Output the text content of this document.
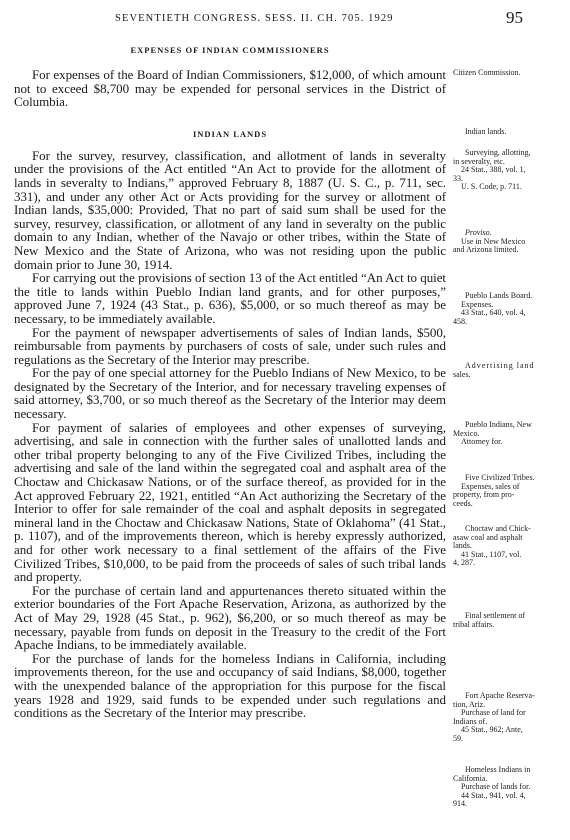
SEVENTIETH CONGRESS. SESS. II. CH. 705. 1929	95
EXPENSES OF INDIAN COMMISSIONERS

For expenses of the Board of Indian Commissioners, $12,000, of which amount not to exceed $8,700 may be expended for personal services in the District of Columbia.

INDIAN LANDS

For the survey, resurvey, classification, and allotment of lands in severalty under the provisions of the Act entitled “An Act to provide for the allotment of lands in severalty to Indians,” approved February 8, 1887 (U. S. C., p. 711, sec. 331), and under any other Act or Acts providing for the survey or allotment of Indian lands, $35,000: Provided, That no part of said sum shall be used for the survey, resurvey, classification, or allotment of any land in severalty on the public domain to any Indian, whether of the Navajo or other tribes, within the State of New Mexico and the State of Arizona, who was not residing upon the public domain prior to June 30, 1914.

For carrying out the provisions of section 13 of the Act entitled “An Act to quiet the title to lands within Pueblo Indian land grants, and for other purposes,” approved June 7, 1924 (43 Stat., p. 636), $5,000, or so much thereof as may be necessary, to be immediately available.

For the payment of newspaper advertisements of sales of Indian lands, $500, reimbursable from payments by purchasers of costs of sale, under such rules and regulations as the Secretary of the Interior may prescribe.

For the pay of one special attorney for the Pueblo Indians of New Mexico, to be designated by the Secretary of the Interior, and for necessary traveling expenses of said attorney, $3,700, or so much thereof as the Secretary of the Interior may deem necessary.

For payment of salaries of employees and other expenses of surveying, advertising, and sale in connection with the further sales of unallotted lands and other tribal property belonging to any of the Five Civilized Tribes, including the advertising and sale of the land within the segregated coal and asphalt area of the Choctaw and Chickasaw Nations, or of the surface thereof, as provided for in the Act approved February 22, 1921, entitled “An Act authorizing the Secretary of the Interior to offer for sale remainder of the coal and asphalt deposits in segregated mineral land in the Choctaw and Chickasaw Nations, State of Oklahoma” (41 Stat., p. 1107), and of the improvements thereon, which is hereby expressly authorized, and for other work necessary to a final settlement of the affairs of the Five Civilized Tribes, $10,000, to be paid from the proceeds of sales of such tribal lands and property.

For the purchase of certain land and appurtenances thereto situated within the exterior boundaries of the Fort Apache Reservation, Arizona, as authorized by the Act of May 29, 1928 (45 Stat., p. 962), $6,200, or so much thereof as may be necessary, payable from funds on deposit in the Treasury to the credit of the Fort Apache Indians, to be immediately available.

For the purchase of lands for the homeless Indians in California, including improvements thereon, for the use and occupancy of said Indians, $8,000, together with the unexpended balance of the appropriation for this purpose for the fiscal years 1928 and 1929, said funds to be expended under such regulations and conditions as the Secretary of the Interior may prescribe.

Citizen Commission.
Indian lands.
Surveying, allotting,
in severalty, etc.
24 Stat., 388, vol. 1,
33.
U. S. Code, p. 711.
Proviso.
Use in New Mexico
and Arizona limited.
Pueblo Lands Board.
Expenses.
43 Stat., 640, vol. 4,
458.
Advertising land
sales.
Pueblo Indians, New
Mexico.
Attorney for.
Five Civilized Tribes.
Expenses, sales of
property, from pro-
ceeds.
Choctaw and Chick-
asaw coal and asphalt
lands.
41 Stat., 1107, vol.
4, 287.
Final settlement of
tribal affairs.
Fort Apache Reserva-
tion, Ariz.
Purchase of land for
Indians of.
45 Stat., 962; Ante,
59.
Homeless Indians in
California.
Purchase of lands for.
44 Stat., 941, vol. 4,
914.
